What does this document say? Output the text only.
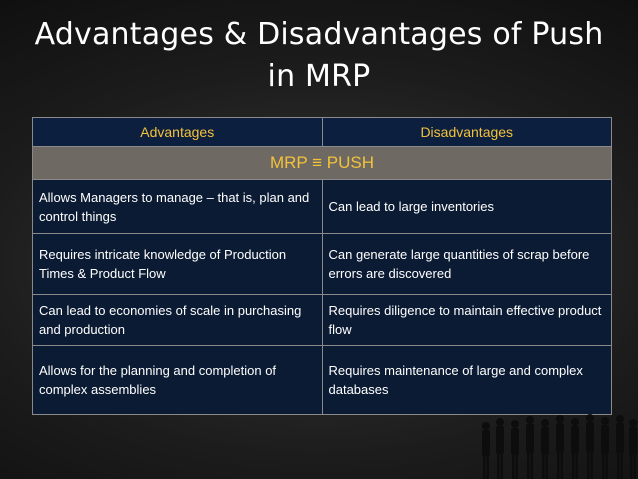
Advantages & Disadvantages of Push
in MRP
Advantages	Disadvantages
MRP ≡ PUSH	
Allows Managers to manage – that is, plan and control things	Can lead to large inventories
Requires intricate knowledge of Production Times & Product Flow	Can generate large quantities of scrap before errors are discovered
Can lead to economies of scale in purchasing and production	Requires diligence to maintain effective product flow
Allows for the planning and completion of complex assemblies	Requires maintenance of large and complex databases
